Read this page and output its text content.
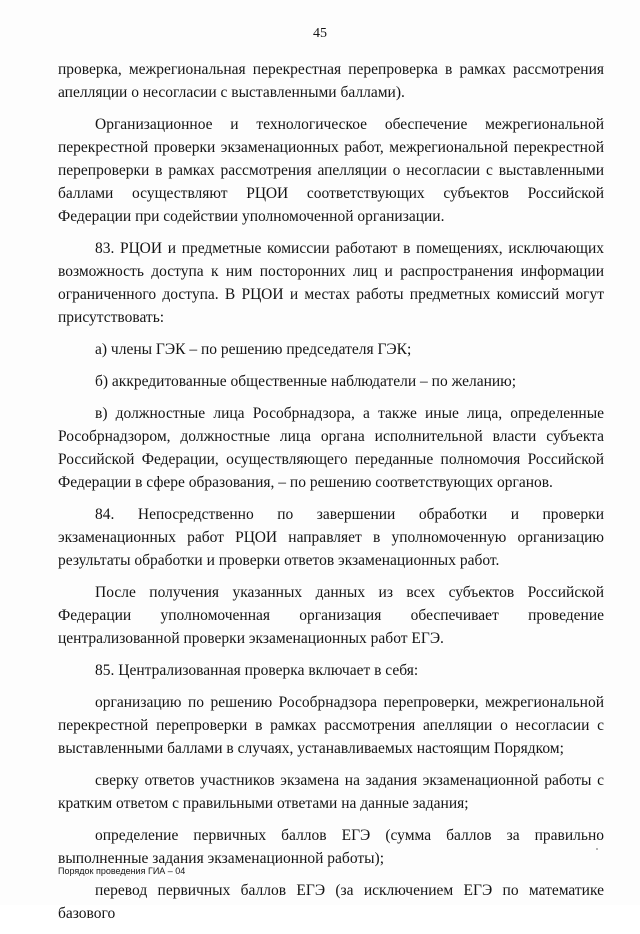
45

проверка, межрегиональная перекрестная перепроверка в рамках рассмотрения апелляции о несогласии с выставленными баллами).

Организационное и технологическое обеспечение межрегиональной перекрестной проверки экзаменационных работ, межрегиональной перекрестной перепроверки в рамках рассмотрения апелляции о несогласии с выставленными баллами осуществляют РЦОИ соответствующих субъектов Российской Федерации при содействии уполномоченной организации.

83. РЦОИ и предметные комиссии работают в помещениях, исключающих возможность доступа к ним посторонних лиц и распространения информации ограниченного доступа. В РЦОИ и местах работы предметных комиссий могут присутствовать:

а) члены ГЭК – по решению председателя ГЭК;

б) аккредитованные общественные наблюдатели – по желанию;

в) должностные лица Рособрнадзора, а также иные лица, определенные Рособрнадзором, должностные лица органа исполнительной власти субъекта Российской Федерации, осуществляющего переданные полномочия Российской Федерации в сфере образования, – по решению соответствующих органов.

84. Непосредственно по завершении обработки и проверки экзаменационных работ РЦОИ направляет в уполномоченную организацию результаты обработки и проверки ответов экзаменационных работ.

После получения указанных данных из всех субъектов Российской Федерации уполномоченная организация обеспечивает проведение централизованной проверки экзаменационных работ ЕГЭ.

85. Централизованная проверка включает в себя:

организацию по решению Рособрнадзора перепроверки, межрегиональной перекрестной перепроверки в рамках рассмотрения апелляции о несогласии с выставленными баллами в случаях, устанавливаемых настоящим Порядком;

сверку ответов участников экзамена на задания экзаменационной работы с кратким ответом с правильными ответами на данные задания;

определение первичных баллов ЕГЭ (сумма баллов за правильно выполненные задания экзаменационной работы);

перевод первичных баллов ЕГЭ (за исключением ЕГЭ по математике базового

Порядок проведения ГИА – 04
